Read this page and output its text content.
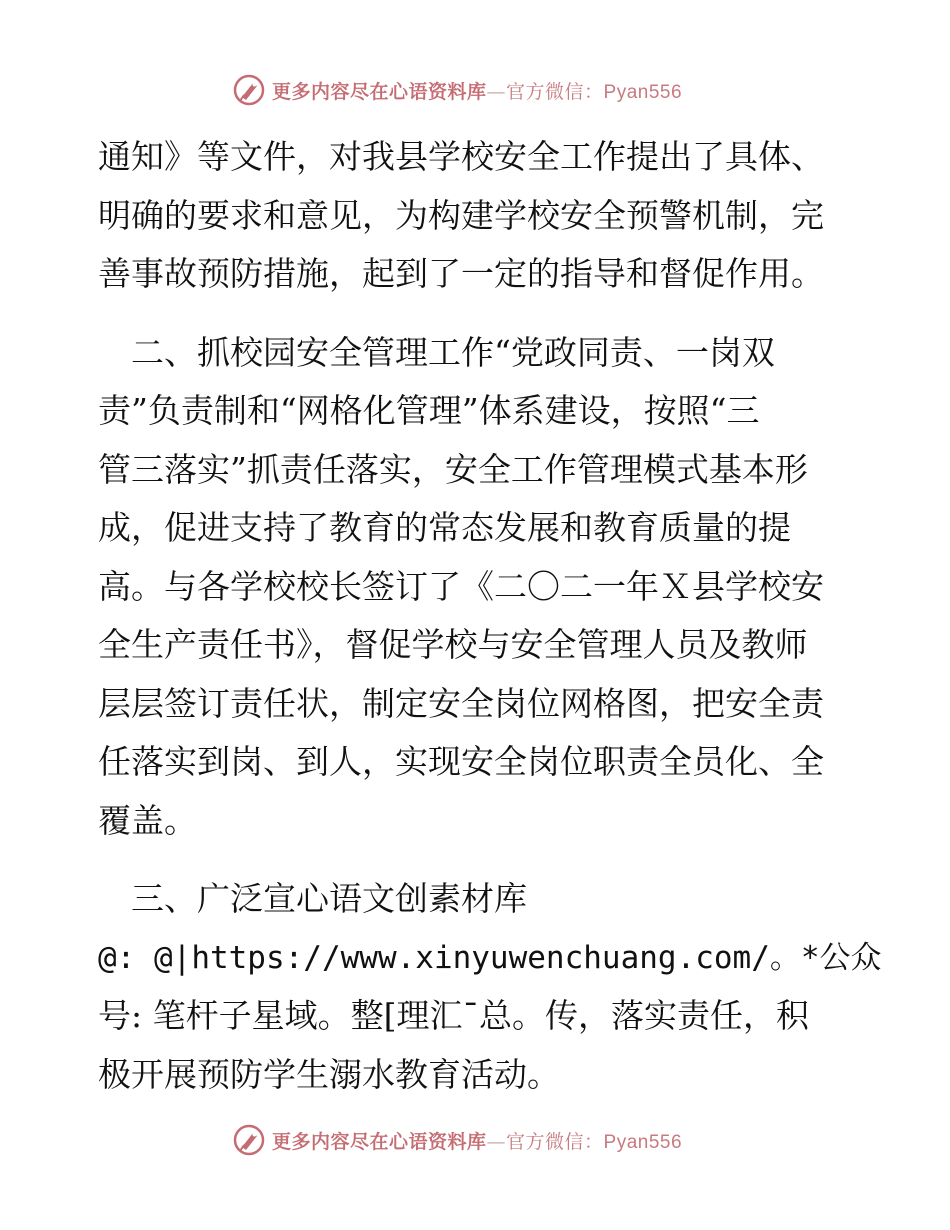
更多内容尽在心语资料库—官方微信：Pyan556
通知》等文件，对我县学校安全工作提出了具体、
明确的要求和意见，为构建学校安全预警机制，完
善事故预防措施，起到了一定的指导和督促作用。
　二、抓校园安全管理工作“党政同责、一岗双
责”负责制和“网格化管理”体系建设，按照“三
管三落实”抓责任落实，安全工作管理模式基本形
成，促进支持了教育的常态发展和教育质量的提
高。与各学校校长签订了《二〇二一年Ｘ县学校安
全生产责任书》，督促学校与安全管理人员及教师
层层签订责任状，制定安全岗位网格图，把安全责
任落实到岗、到人，实现安全岗位职责全员化、全
覆盖。
　三、广泛宣心语文创素材库
@: @|https://www.xinyuwenchuang.com/。*公众
号: 笔杆子星域。整[理汇¯总。传，落实责任，积
极开展预防学生溺水教育活动。
更多内容尽在心语资料库—官方微信：Pyan556
